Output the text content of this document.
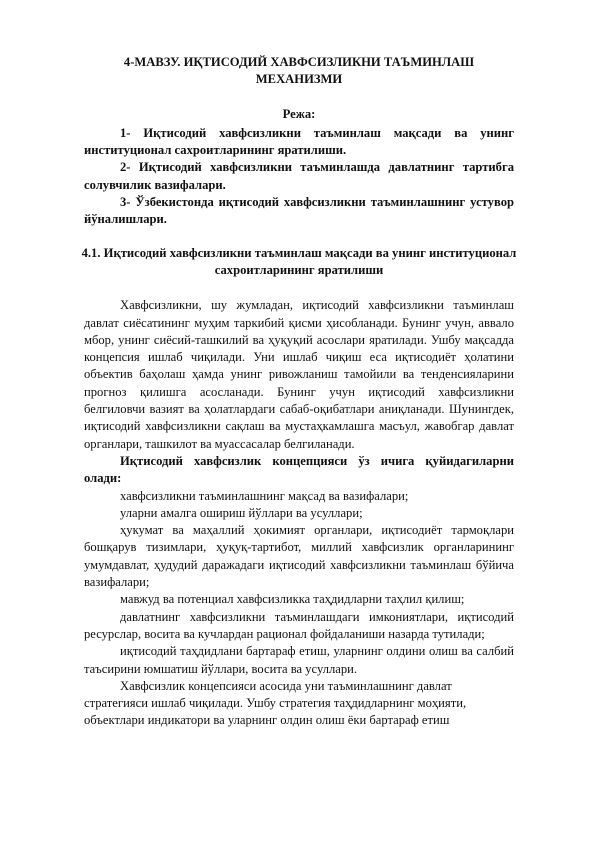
4-МАВЗУ. ИҚТИСОДИЙ ХАВФСИЗЛИКНИ ТАЪМИНЛАШ МЕХАНИЗМИ

Режа:
1- Иқтисодий хавфсизликни таъминлаш мақсади ва унинг институционал сахроитларининг яратилиши.
2- Иқтисодий хавфсизликни таъминлашда давлатнинг тартибга солувчилик вазифалари.
3- Ўзбекистонда иқтисодий хавфсизликни таъминлашнинг устувор йўналишлари.
4.1. Иқтисодий хавфсизликни таъминлаш мақсади ва унинг институционал сахроитларининг яратилиши

Хавфсизликни, шу жумладан, иқтисодий хавфсизликни таъминлаш давлат сиёсатининг муҳим таркибий қисми ҳисобланади. Бунинг учун, аввало​мбор, унинг сиёсий-ташкилий ва ҳуқуқий асослари яратилади. Ушбу мақсадда концепсия ишлаб чиқилади. Уни ишлаб чиқиш еса иқтисодиёт ҳолатини объектив баҳолаш ҳамда унинг ривожланиш тамойили ва тенденсияларини прогноз қилишга асосланади. Бунинг учун иқтисодий хавфсизликни белгиловчи вазият ва ҳолатлардаги сабаб-оқибатлари аниқланади. Шунингдек, иқтисодий хавфсизликни сақлаш ва мустаҳкамлашга масъул, жавобгар давлат органлари, ташкилот ва муассасалар белгиланади.

Иқтисодий хавфсизлик концепцияси ўз ичига қуйидагиларни олади:

хавфсизликни таъминлашнинг мақсад ва вазифалари;

уларни амалга ошириш йўллари ва усуллари;

ҳукумат ва маҳаллий ҳокимият органлари, иқтисодиёт тармоқлари бошқарув тизимлари, ҳуқуқ-тартибот, миллий хавфсизлик органларининг умумдавлат, ҳудудий даражадаги иқтисодий хавфсизликни таъминлаш бўйича вазифалари;

мавжуд ва потенциал хавфсизликка таҳдидларни таҳлил қилиш;

давлатнинг хавфсизликни таъминлашдаги имкониятлари, иқтисодий ресурслар, восита ва кучлардан рационал фойдаланиши назарда тутилади;

иқтисодий таҳдидлани бартараф етиш, уларнинг олдини олиш ва салбий таъсирини юмшатиш йўллари, восита ва усуллари.

Хавфсизлик концепсияси асосида уни таъминлашнинг давлат стратегияси ишлаб чиқилади. Ушбу стратегия таҳдидларнинг моҳияти, объектлари индикатори ва уларнинг олдин олиш ёки бартараф етиш
